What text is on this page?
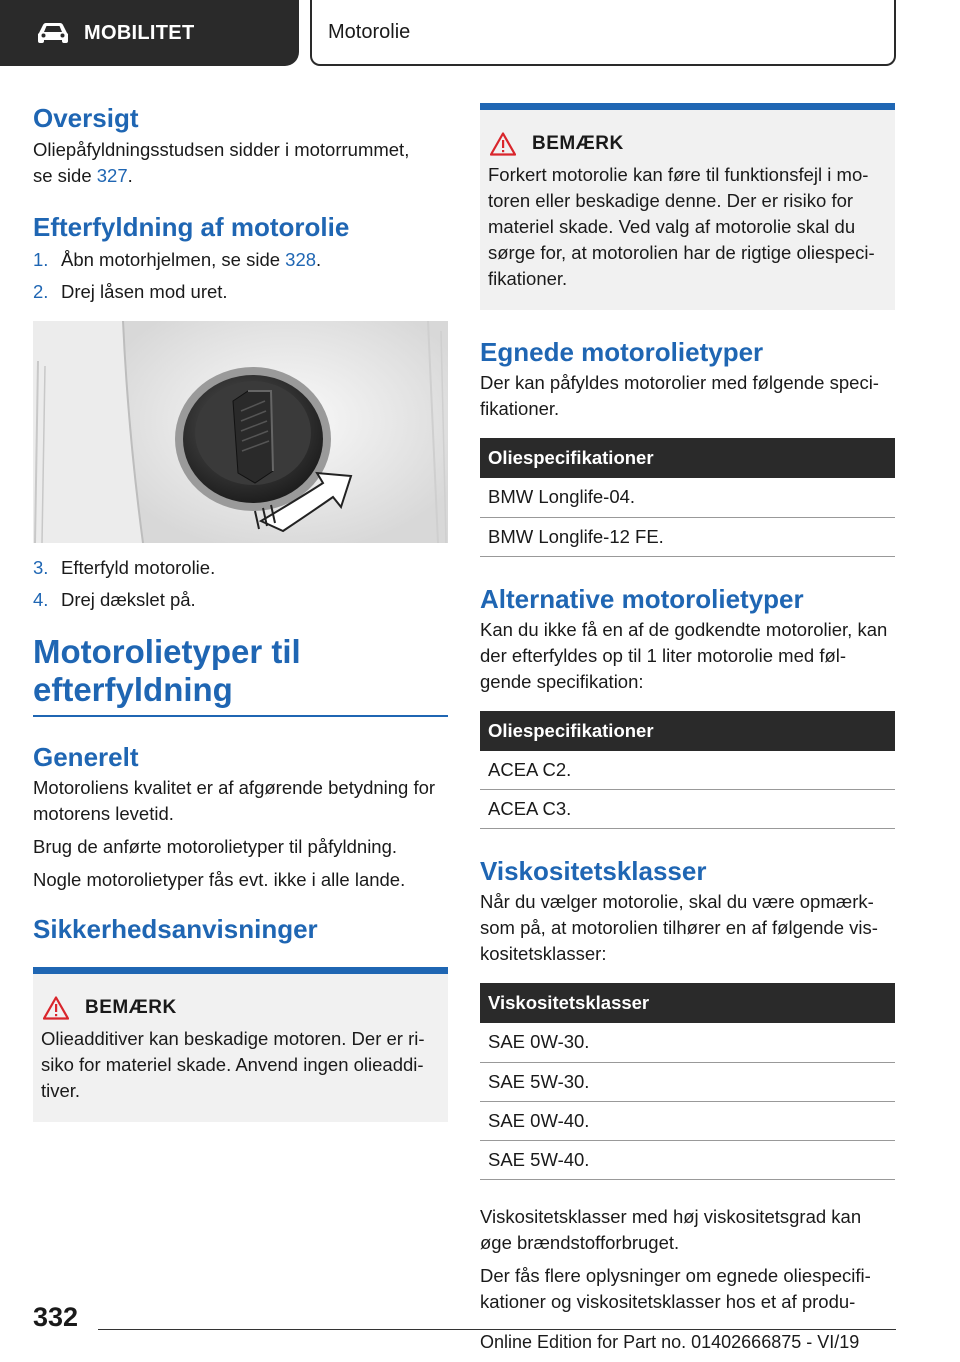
MOBILITET	Motorolie
Oversigt

Oliepåfyldningsstudsen sidder i motorrummet,
se side 327.

Efterfyldning af motorolie
1. Åbn motorhjelmen, se side 328.
2. Drej låsen mod uret.
3. Efterfyld motorolie.
4. Drej dækslet på.
Motorolietyper til
efterfyldning
Generelt

Motoroliens kvalitet er af afgørende betydning for motorens levetid.

Brug de anførte motorolietyper til påfyldning.

Nogle motorolietyper fås evt. ikke i alle lande.

Sikkerhedsanvisninger
BEMÆRK

Olieadditiver kan beskadige motoren. Der er ri-siko for materiel skade. Anvend ingen olieaddi-tiver.

BEMÆRK

Forkert motorolie kan føre til funktionsfejl i mo-toren eller beskadige denne. Der er risiko for materiel skade. Ved valg af motorolie skal du sørge for, at motorolien har de rigtige oliespeci-fikationer.

Egnede motorolietyper

Der kan påfyldes motorolier med følgende speci-fikationer.

Oliespecifikationer
BMW Longlife-04.
BMW Longlife-12 FE.
Alternative motorolietyper

Kan du ikke få en af de godkendte motorolier, kan der efterfyldes op til 1 liter motorolie med føl-gende specifikation:

Oliespecifikationer
ACEA C2.
ACEA C3.
Viskositetsklasser

Når du vælger motorolie, skal du være opmærk-som på, at motorolien tilhører en af følgende vis-kositetsklasser:

Viskositetsklasser
SAE 0W-30.
SAE 5W-30.
SAE 0W-40.
SAE 5W-40.

Viskositetsklasser med høj viskositetsgrad kan øge brændstofforbruget.

Der fås flere oplysninger om egnede oliespecifi-kationer og viskositetsklasser hos et af produ-

332
Online Edition for Part no. 01402666875 - VI/19
